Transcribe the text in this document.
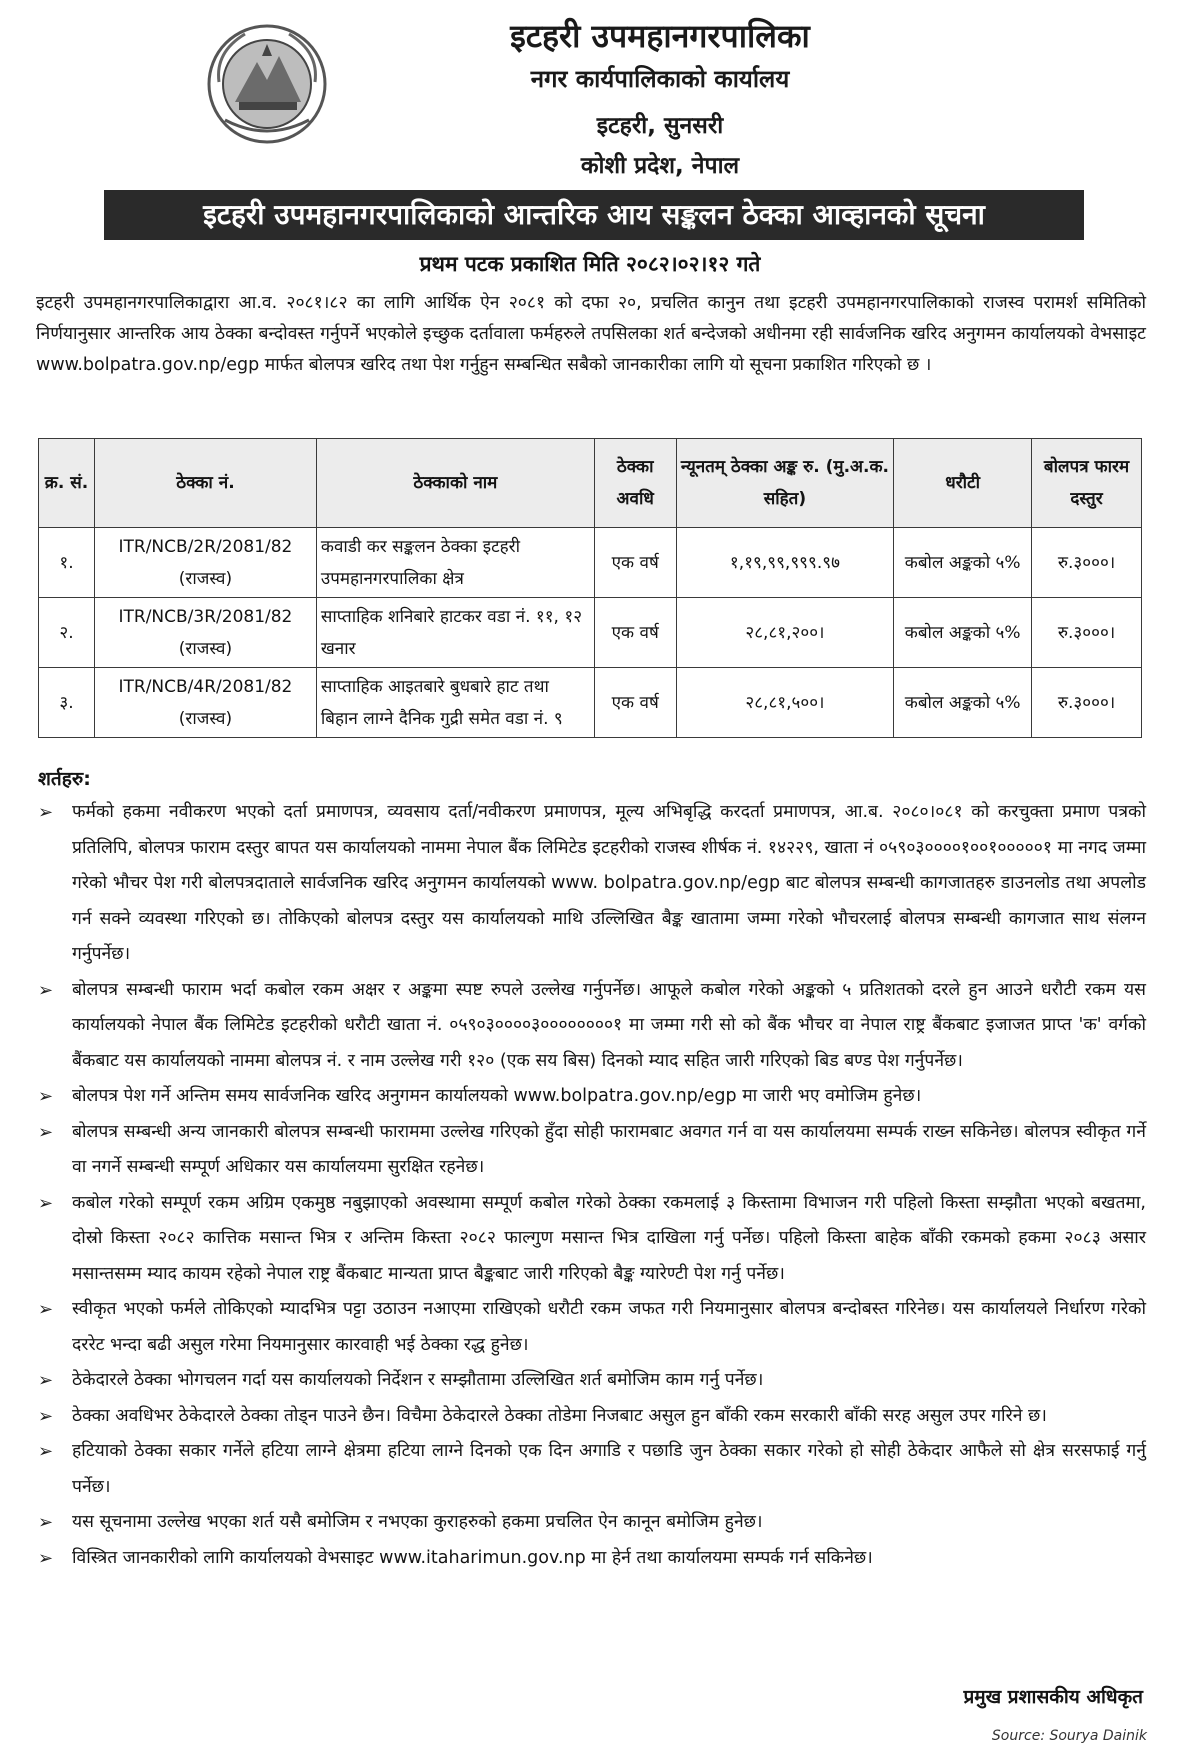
इटहरी उपमहानगरपालिका
नगर कार्यपालिकाको कार्यालय
इटहरी, सुनसरी
कोशी प्रदेश, नेपाल
इटहरी उपमहानगरपालिकाको आन्तरिक आय सङ्कलन ठेक्का आव्हानको सूचना
प्रथम पटक प्रकाशित मिति २०८२।०२।१२ गते
इटहरी उपमहानगरपालिकाद्वारा आ.व. २०८१।८२ का लागि आर्थिक ऐन २०८१ को दफा २०, प्रचलित कानुन तथा इटहरी उपमहानगरपालिकाको राजस्व परामर्श समितिको निर्णयानुसार आन्तरिक आय ठेक्का बन्दोवस्त गर्नुपर्ने भएकोले इच्छुक दर्तावाला फर्महरुले तपसिलका शर्त बन्देजको अधीनमा रही सार्वजनिक खरिद अनुगमन कार्यालयको वेभसाइट www.bolpatra.gov.np/egp मार्फत बोलपत्र खरिद तथा पेश गर्नुहुन सम्बन्धित सबैको जानकारीका लागि यो सूचना प्रकाशित गरिएको छ ।
क्र. सं.	ठेक्का नं.	ठेक्काको नाम	ठेक्का अवधि	न्यूनतम् ठेक्का अङ्क रु. (मु.अ.क. सहित)	धरौटी	बोलपत्र फारम दस्तुर
१.	ITR/NCB/2R/2081/82 (राजस्व)	कवाडी कर सङ्कलन ठेक्का इटहरी उपमहानगरपालिका क्षेत्र	एक वर्ष	१,१९,९९,९९९.९७	कबोल अङ्कको ५%	रु.३०००।
२.	ITR/NCB/3R/2081/82 (राजस्व)	साप्ताहिक शनिबारे हाटकर वडा नं. ११, १२ खनार	एक वर्ष	२८,८१,२००।	कबोल अङ्कको ५%	रु.३०००।
३.	ITR/NCB/4R/2081/82 (राजस्व)	साप्ताहिक आइतबारे बुधबारे हाट तथा बिहान लाग्ने दैनिक गुद्री समेत वडा नं. ९	एक वर्ष	२८,८१,५००।	कबोल अङ्कको ५%	रु.३०००।
शर्तहरु:
➢	फर्मको हकमा नवीकरण भएको दर्ता प्रमाणपत्र, व्यवसाय दर्ता/नवीकरण प्रमाणपत्र, मूल्य अभिबृद्धि करदर्ता प्रमाणपत्र, आ.ब. २०८०।०८१ को करचुक्ता प्रमाण पत्रको प्रतिलिपि, बोलपत्र फाराम दस्तुर बापत यस कार्यालयको नाममा नेपाल बैंक लिमिटेड इटहरीको राजस्व शीर्षक नं. १४२२९, खाता नं ०५९०३००००१००१०००००१ मा नगद जम्मा गरेको भौचर पेश गरी बोलपत्रदाताले सार्वजनिक खरिद अनुगमन कार्यालयको www. bolpatra.gov.np/egp बाट बोलपत्र सम्बन्धी कागजातहरु डाउनलोड तथा अपलोड गर्न सक्ने व्यवस्था गरिएको छ। तोकिएको बोलपत्र दस्तुर यस कार्यालयको माथि उल्लिखित बैङ्क खातामा जम्मा गरेको भौचरलाई बोलपत्र सम्बन्धी कागजात साथ संलग्न गर्नुपर्नेछ।
➢	बोलपत्र सम्बन्धी फाराम भर्दा कबोल रकम अक्षर र अङ्कमा स्पष्ट रुपले उल्लेख गर्नुपर्नेछ। आफूले कबोल गरेको अङ्कको ५ प्रतिशतको दरले हुन आउने धरौटी रकम यस कार्यालयको नेपाल बैंक लिमिटेड इटहरीको धरौटी खाता नं. ०५९०३००००३००००००००१ मा जम्मा गरी सो को बैंक भौचर वा नेपाल राष्ट्र बैंकबाट इजाजत प्राप्त 'क' वर्गको बैंकबाट यस कार्यालयको नाममा बोलपत्र नं. र नाम उल्लेख गरी १२० (एक सय बिस) दिनको म्याद सहित जारी गरिएको बिड बण्ड पेश गर्नुपर्नेछ।
➢	बोलपत्र पेश गर्ने अन्तिम समय सार्वजनिक खरिद अनुगमन कार्यालयको www.bolpatra.gov.np/egp मा जारी भए वमोजिम हुनेछ।
➢	बोलपत्र सम्बन्धी अन्य जानकारी बोलपत्र सम्बन्धी फाराममा उल्लेख गरिएको हुँदा सोही फारामबाट अवगत गर्न वा यस कार्यालयमा सम्पर्क राख्न सकिनेछ। बोलपत्र स्वीकृत गर्ने वा नगर्ने सम्बन्धी सम्पूर्ण अधिकार यस कार्यालयमा सुरक्षित रहनेछ।
➢	कबोल गरेको सम्पूर्ण रकम अग्रिम एकमुष्ठ नबुझाएको अवस्थामा सम्पूर्ण कबोल गरेको ठेक्का रकमलाई ३ किस्तामा विभाजन गरी पहिलो किस्ता सम्झौता भएको बखतमा, दोस्रो किस्ता २०८२ कात्तिक मसान्त भित्र र अन्तिम किस्ता २०८२ फाल्गुण मसान्त भित्र दाखिला गर्नु पर्नेछ। पहिलो किस्ता बाहेक बाँकी रकमको हकमा २०८३ असार मसान्तसम्म म्याद कायम रहेको नेपाल राष्ट्र बैंकबाट मान्यता प्राप्त बैङ्कबाट जारी गरिएको बैङ्क ग्यारेण्टी पेश गर्नु पर्नेछ।
➢	स्वीकृत भएको फर्मले तोकिएको म्यादभित्र पट्टा उठाउन नआएमा राखिएको धरौटी रकम जफत गरी नियमानुसार बोलपत्र बन्दोबस्त गरिनेछ। यस कार्यालयले निर्धारण गरेको दररेट भन्दा बढी असुल गरेमा नियमानुसार कारवाही भई ठेक्का रद्ध हुनेछ।
➢	ठेकेदारले ठेक्का भोगचलन गर्दा यस कार्यालयको निर्देशन र सम्झौतामा उल्लिखित शर्त बमोजिम काम गर्नु पर्नेछ।
➢	ठेक्का अवधिभर ठेकेदारले ठेक्का तोड्न पाउने छैन। विचैमा ठेकेदारले ठेक्का तोडेमा निजबाट असुल हुन बाँकी रकम सरकारी बाँकी सरह असुल उपर गरिने छ।
➢	हटियाको ठेक्का सकार गर्नेले हटिया लाग्ने क्षेत्रमा हटिया लाग्ने दिनको एक दिन अगाडि र पछाडि जुन ठेक्का सकार गरेको हो सोही ठेकेदार आफैले सो क्षेत्र सरसफाई गर्नु पर्नेछ।
➢	यस सूचनामा उल्लेख भएका शर्त यसै बमोजिम र नभएका कुराहरुको हकमा प्रचलित ऐन कानून बमोजिम हुनेछ।
➢	विस्त्रित जानकारीको लागि कार्यालयको वेभसाइट www.itaharimun.gov.np मा हेर्न तथा कार्यालयमा सम्पर्क गर्न सकिनेछ।
प्रमुख प्रशासकीय अधिकृत
Source: Sourya Dainik
